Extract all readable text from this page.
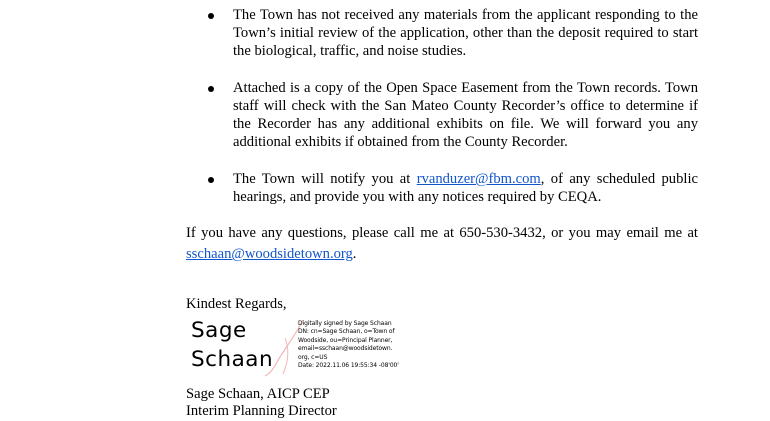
The Town has not received any materials from the applicant responding to the Town’s initial review of the application, other than the deposit required to start the biological, traffic, and noise studies.
Attached is a copy of the Open Space Easement from the Town records. Town staff will check with the San Mateo County Recorder’s office to determine if the Recorder has any additional exhibits on file. We will forward you any additional exhibits if obtained from the County Recorder.
The Town will notify you at rvanduzer@fbm.com, of any scheduled public hearings, and provide you with any notices required by CEQA.
If you have any questions, please call me at 650-530-3432, or you may email me at sschaan@woodsidetown.org.
Kindest Regards,
Sage
Schaan
Digitally signed by Sage Schaan
DN: cn=Sage Schaan, o=Town of
Woodside, ou=Principal Planner,
email=sschaan@woodsidetown.
org, c=US
Date: 2022.11.06 19:55:34 -08'00'
Sage Schaan, AICP CEP
Interim Planning Director
